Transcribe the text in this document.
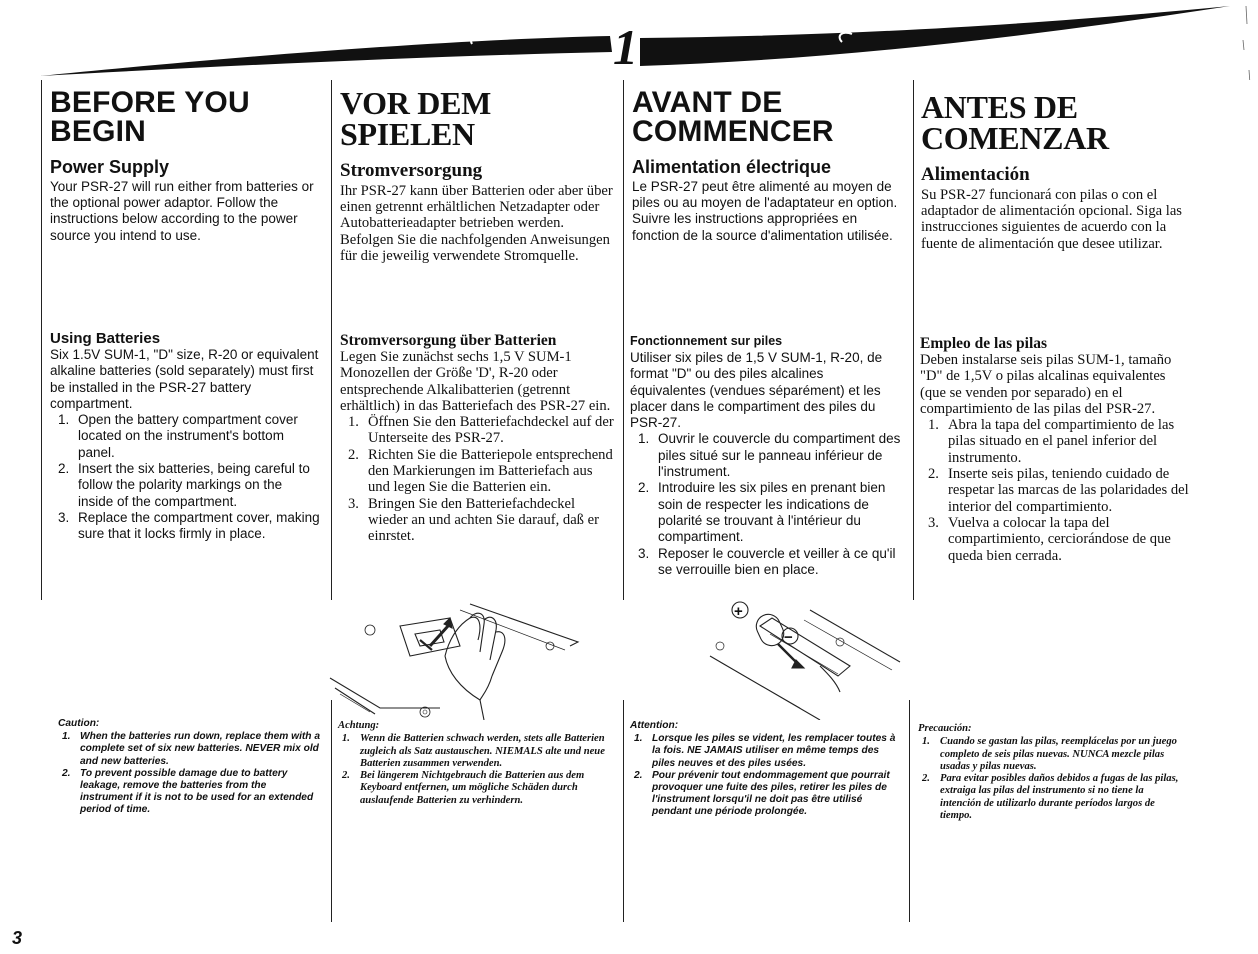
1
BEFORE YOU BEGIN
Power Supply

Your PSR-27 will run either from batteries or the optional power adaptor. Follow the instructions below according to the power source you intend to use.

Using Batteries

Six 1.5V SUM-1, "D" size, R-20 or equivalent alkaline batteries (sold separately) must first be installed in the PSR-27 battery compartment.

1. Open the battery compartment cover located on the instrument's bottom panel.
2. Insert the six batteries, being careful to follow the polarity markings on the inside of the compartment.
3. Replace the compartment cover, making sure that it locks firmly in place.
Caution:
1. When the batteries run down, replace them with a complete set of six new batteries. NEVER mix old and new batteries.
2. To prevent possible damage due to battery leakage, remove the batteries from the instrument if it is not to be used for an extended period of time.
VOR DEM SPIELEN
Stromversorgung

Ihr PSR-27 kann über Batterien oder aber über einen getrennt erhältlichen Netzadapter oder Autobatterieadapter betrieben werden. Befolgen Sie die nachfolgenden Anweisungen für die jeweilig verwendete Stromquelle.

Stromversorgung über Batterien

Legen Sie zunächst sechs 1,5 V SUM-1 Monozellen der Größe 'D', R-20 oder entsprechende Alkalibatterien (getrennt erhältlich) in das Batteriefach des PSR-27 ein.

1. Öffnen Sie den Batteriefachdeckel auf der Unterseite des PSR-27.
2. Richten Sie die Batteriepole entsprechend den Markierungen im Batteriefach aus und legen Sie die Batterien ein.
3. Bringen Sie den Batteriefachdeckel wieder an und achten Sie darauf, daß er einrstet.
Achtung:
1. Wenn die Batterien schwach werden, stets alle Batterien zugleich als Satz austauschen. NIEMALS alte und neue Batterien zusammen verwenden.
2. Bei längerem Nichtgebrauch die Batterien aus dem Keyboard entfernen, um mögliche Schäden durch auslaufende Batterien zu verhindern.
AVANT DE COMMENCER
Alimentation électrique

Le PSR-27 peut être alimenté au moyen de piles ou au moyen de l'adaptateur en option. Suivre les instructions appropriées en fonction de la source d'alimentation utilisée.

Fonctionnement sur piles

Utiliser six piles de 1,5 V SUM-1, R-20, de format "D" ou des piles alcalines équivalentes (vendues séparément) et les placer dans le compartiment des piles du PSR-27.

1. Ouvrir le couvercle du compartiment des piles situé sur le panneau inférieur de l'instrument.
2. Introduire les six piles en prenant bien soin de respecter les indications de polarité se trouvant à l'intérieur du compartiment.
3. Reposer le couvercle et veiller à ce qu'il se verrouille bien en place.
Attention:
1. Lorsque les piles se vident, les remplacer toutes à la fois. NE JAMAIS utiliser en même temps des piles neuves et des piles usées.
2. Pour prévenir tout endommagement que pourrait provoquer une fuite des piles, retirer les piles de l'instrument lorsqu'il ne doit pas être utilisé pendant une période prolongée.
ANTES DE COMENZAR
Alimentación

Su PSR-27 funcionará con pilas o con el adaptador de alimentación opcional. Siga las instrucciones siguientes de acuerdo con la fuente de alimentación que desee utilizar.

Empleo de las pilas

Deben instalarse seis pilas SUM-1, tamaño "D" de 1,5V o pilas alcalinas equivalentes (que se venden por separado) en el compartimiento de las pilas del PSR-27.

1. Abra la tapa del compartimiento de las pilas situado en el panel inferior del instrumento.
2. Inserte seis pilas, teniendo cuidado de respetar las marcas de las polaridades del interior del compartimiento.
3. Vuelva a colocar la tapa del compartimiento, cerciorándose de que queda bien cerrada.
Precaución:
1. Cuando se gastan las pilas, reemplácelas por un juego completo de seis pilas nuevas. NUNCA mezcle pilas usadas y pilas nuevas.
2. Para evitar posibles daños debidos a fugas de las pilas, extraiga las pilas del instrumento si no tiene la intención de utilizarlo durante períodos largos de tiempo.
+
−
3
